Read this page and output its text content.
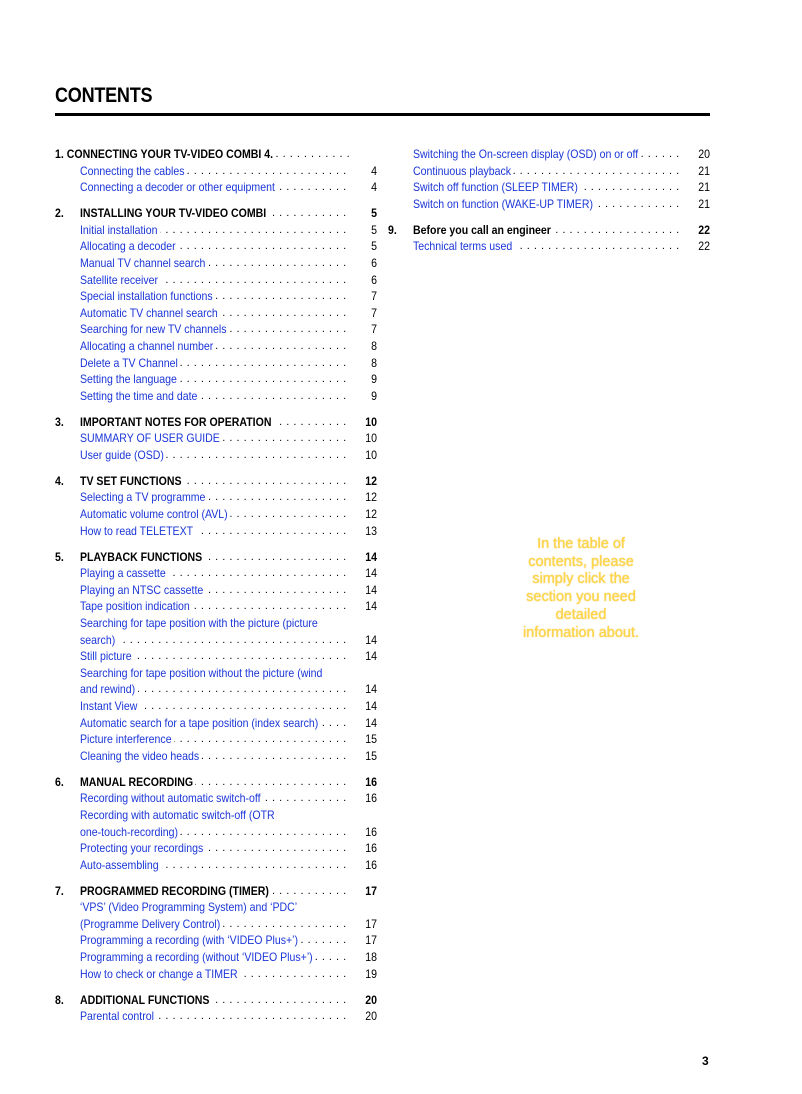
CONTENTS
1. CONNECTING YOUR TV-VIDEO COMBI 4. . . .
Connecting the cables . . .	4
Connecting a decoder or other equipment . . .	4
2. INSTALLING YOUR TV-VIDEO COMBI . . .	5
Initial installation . . .	5
Allocating a decoder . . .	5
Manual TV channel search . . .	6
Satellite receiver . . .	6
Special installation functions . . .	7
Automatic TV channel search . . .	7
Searching for new TV channels . . .	7
Allocating a channel number . . .	8
Delete a TV Channel . . .	8
Setting the language . . .	9
Setting the time and date . . .	9
3. IMPORTANT NOTES FOR OPERATION . . .	10
SUMMARY OF USER GUIDE . . .	10
User guide (OSD) . . .	10
4. TV SET FUNCTIONS . . .	12
Selecting a TV programme . . .	12
Automatic volume control (AVL) . . .	12
How to read TELETEXT . . .	13
5. PLAYBACK FUNCTIONS . . .	14
Playing a cassette . . .	14
Playing an NTSC cassette . . .	14
Tape position indication . . .	14
Searching for tape position with the picture (picture
search) . . .	14
Still picture . . .	14
Searching for tape position without the picture (wind
and rewind) . . .	14
Instant View . . .	14
Automatic search for a tape position (index search) . . .	14
Picture interference . . .	15
Cleaning the video heads . . .	15
6. MANUAL RECORDING . . .	16
Recording without automatic switch-off . . .	16
Recording with automatic switch-off (OTR
one-touch-recording) . . .	16
Protecting your recordings . . .	16
Auto-assembling . . .	16
7. PROGRAMMED RECORDING (TIMER) . . .	17
‘VPS’ (Video Programming System) and ‘PDC’
(Programme Delivery Control) . . .	17
Programming a recording (with ‘VIDEO Plus+’) . . .	17
Programming a recording (without ‘VIDEO Plus+’) . . .	18
How to check or change a TIMER . . .	19
8. ADDITIONAL FUNCTIONS . . .	20
Parental control . . .	20
Switching the On-screen display (OSD) on or off . . .	20
Continuous playback . . .	21
Switch off function (SLEEP TIMER) . . .	21
Switch on function (WAKE-UP TIMER) . . .	21
9. Before you call an engineer . . .	22
Technical terms used . . .	22
In the table of contents, please simply click the section you need detailed information about.
3
